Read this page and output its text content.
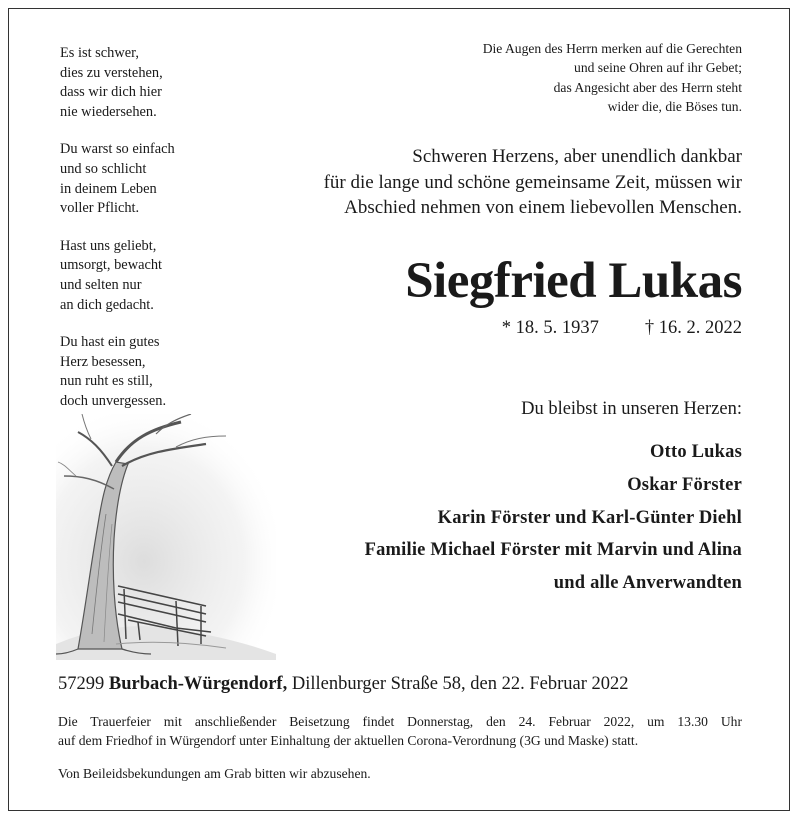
Es ist schwer,
dies zu verstehen,
dass wir dich hier
nie wiedersehen.
Du warst so einfach
und so schlicht
in deinem Leben
voller Pflicht.
Hast uns geliebt,
umsorgt, bewacht
und selten nur
an dich gedacht.
Du hast ein gutes
Herz besessen,
nun ruht es still,
doch unvergessen.
Die Augen des Herrn merken auf die Gerechten
und seine Ohren auf ihr Gebet;
das Angesicht aber des Herrn steht
wider die, die Böses tun.
Schweren Herzens, aber unendlich dankbar
für die lange und schöne gemeinsame Zeit, müssen wir
Abschied nehmen von einem liebevollen Menschen.
Siegfried Lukas
* 18. 5. 1937 † 16. 2. 2022
Du bleibst in unseren Herzen:
Otto Lukas
Oskar Förster
Karin Förster und Karl-Günter Diehl
Familie Michael Förster mit Marvin und Alina
und alle Anverwandten
57299 Burbach-Würgendorf, Dillenburger Straße 58, den 22. Februar 2022
Die Trauerfeier mit anschließender Beisetzung findet Donnerstag, den 24. Februar 2022, um 13.30 Uhr
auf dem Friedhof in Würgendorf unter Einhaltung der aktuellen Corona-Verordnung (3G und Maske) statt.
Von Beileidsbekundungen am Grab bitten wir abzusehen.
